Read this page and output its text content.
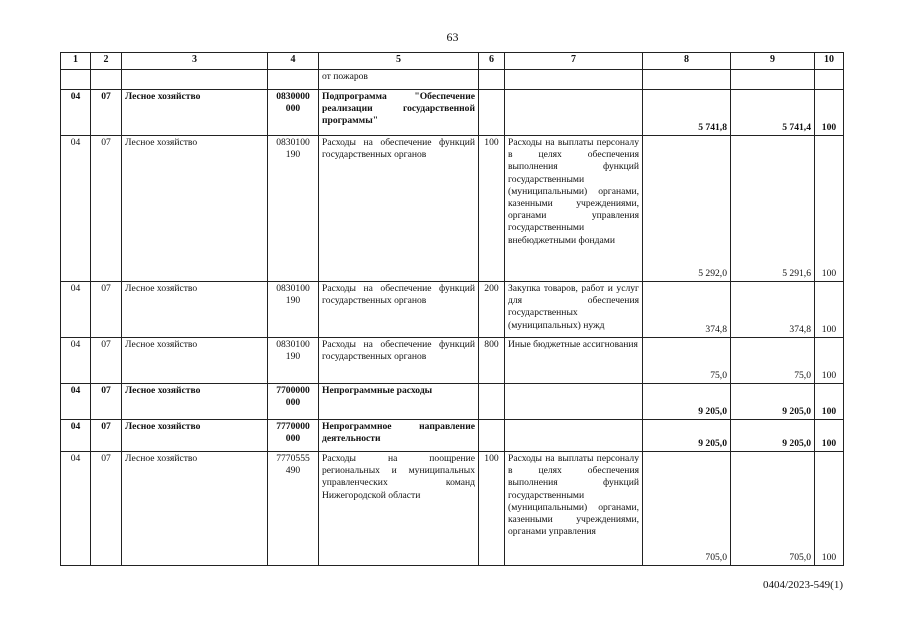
63
1	2	3	4	5	6	7	8	9	10
				от пожаров					
04	07	Лесное хозяйство	0830000 000	Подпрограмма "Обеспечение реализации государственной программы"			5 741,8	5 741,4	100
04	07	Лесное хозяйство	0830100 190	Расходы на обеспечение функций государственных органов	100	Расходы на выплаты персоналу в целях обеспечения выполнения функций государственными (муниципальными) органами, казенными учреждениями, органами управления государственными внебюджетными фондами	5 292,0	5 291,6	100
04	07	Лесное хозяйство	0830100 190	Расходы на обеспечение функций государственных органов	200	Закупка товаров, работ и услуг для обеспечения государственных (муниципальных) нужд	374,8	374,8	100
04	07	Лесное хозяйство	0830100 190	Расходы на обеспечение функций государственных органов	800	Иные бюджетные ассигнования	75,0	75,0	100
04	07	Лесное хозяйство	7700000 000	Непрограммные расходы			9 205,0	9 205,0	100
04	07	Лесное хозяйство	7770000 000	Непрограммное направление деятельности			9 205,0	9 205,0	100
04	07	Лесное хозяйство	7770555 490	Расходы на поощрение региональных и муниципальных управленческих команд Нижегородской области	100	Расходы на выплаты персоналу в целях обеспечения выполнения функций государственными (муниципальными) органами, казенными учреждениями, органами управления	705,0	705,0	100
0404/2023-549(1)
